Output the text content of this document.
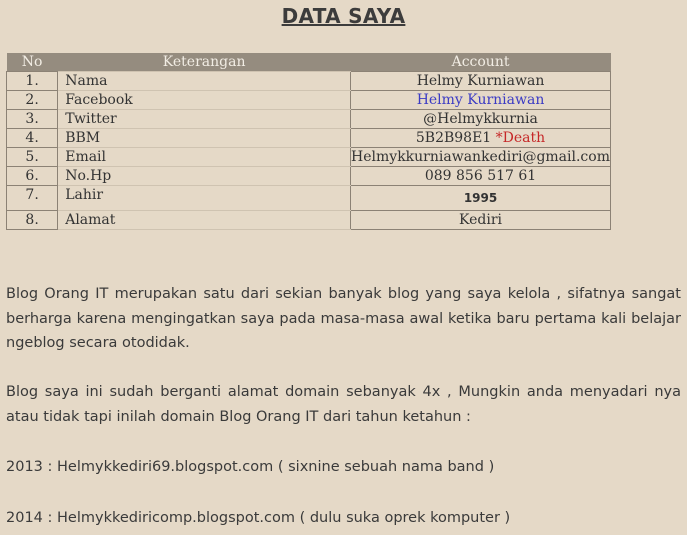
DATA SAYA
No	Keterangan	Account
1.	Nama	Helmy Kurniawan
2.	Facebook	Helmy Kurniawan
3.	Twitter	@Helmykkurnia
4.	BBM	5B2B98E1 *Death
5.	Email	Helmykkurniawankediri@gmail.com
6.	No.Hp	089 856 517 61
7.	Lahir	1995
8.	Alamat	Kediri

Blog Orang IT merupakan satu dari sekian banyak blog yang saya kelola , sifatnya sangat berharga karena mengingatkan saya pada masa-masa awal ketika baru pertama kali belajar ngeblog secara otodidak.

Blog saya ini sudah berganti alamat domain sebanyak 4x , Mungkin anda menyadari nya atau tidak tapi inilah domain Blog Orang IT dari tahun ketahun :

2013 : Helmykkediri69.blogspot.com ( sixnine sebuah nama band )

2014 : Helmykkediricomp.blogspot.com ( dulu suka oprek komputer )
